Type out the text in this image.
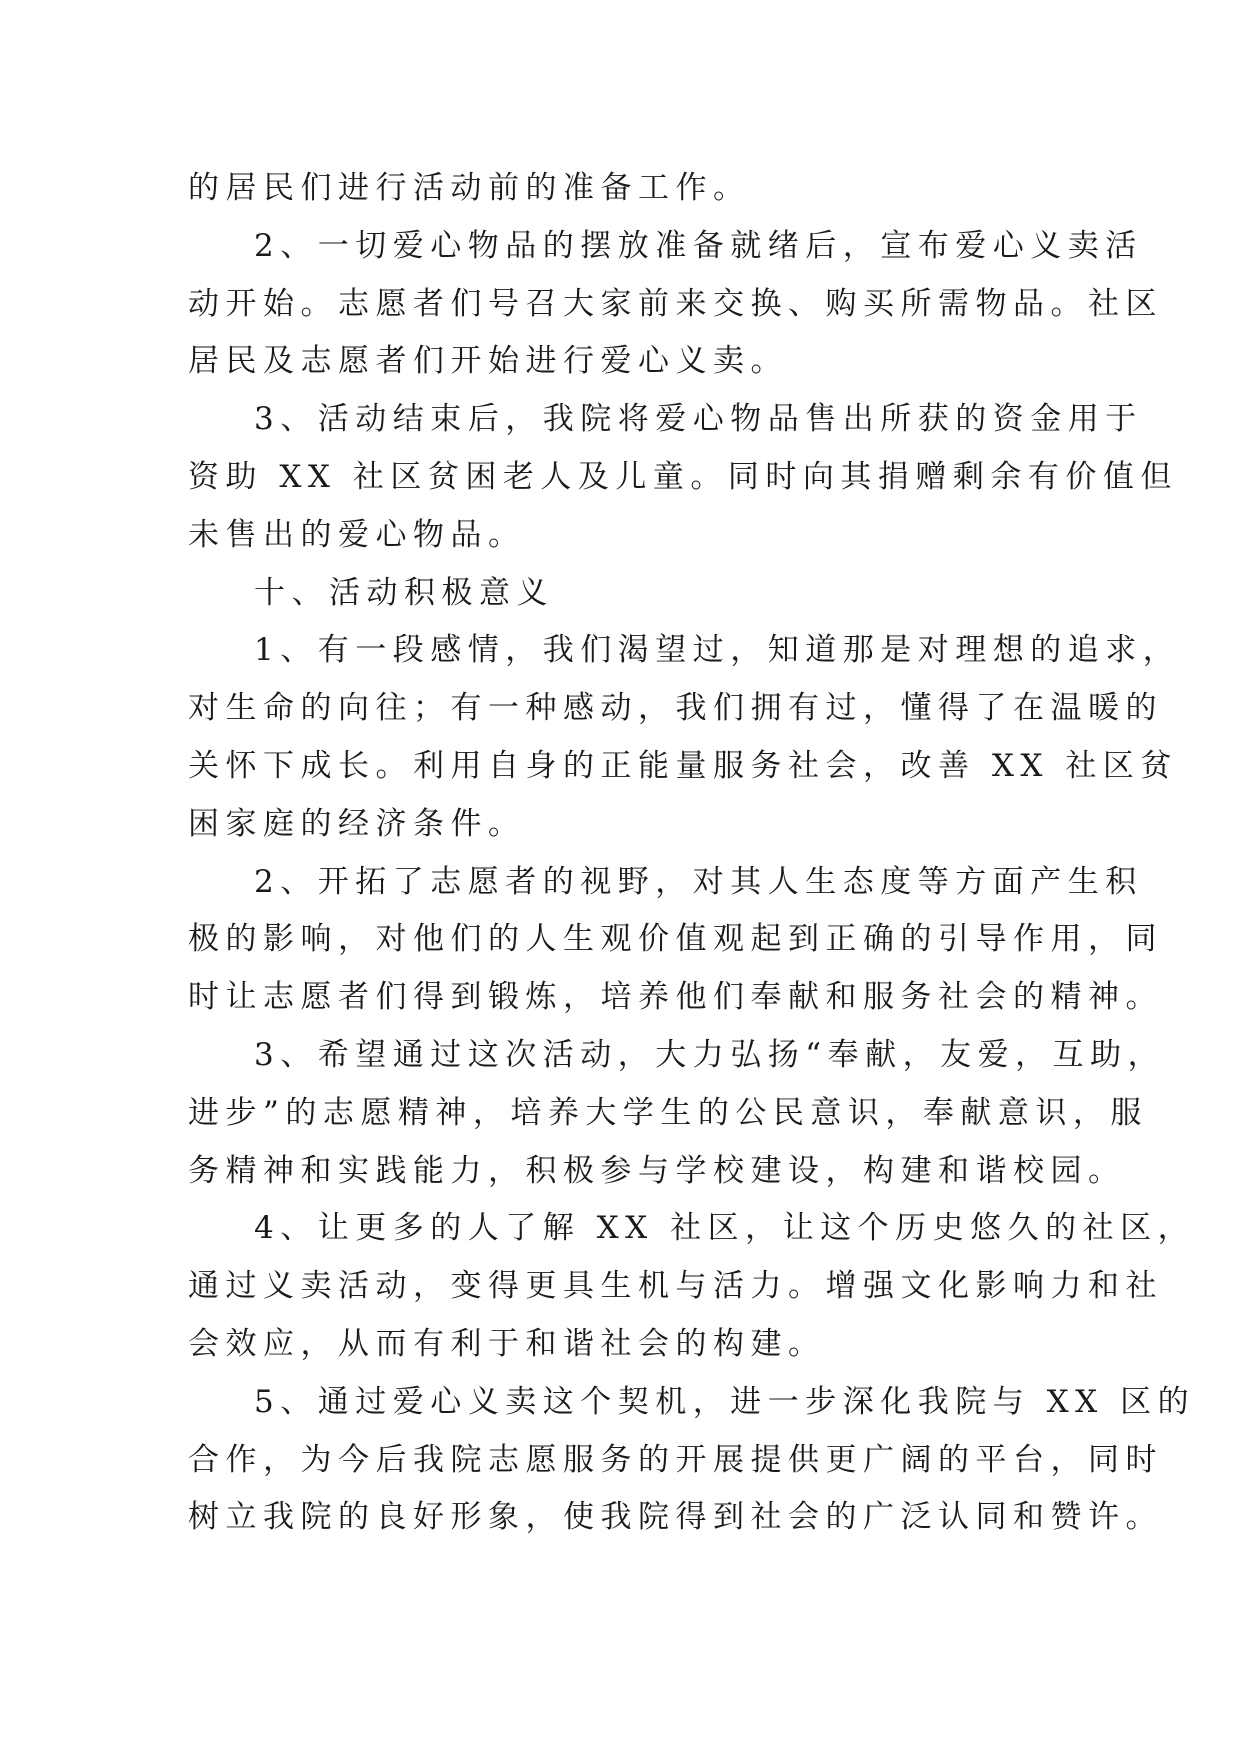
的居民们进行活动前的准备工作。
2、一切爱心物品的摆放准备就绪后，宣布爱心义卖活
动开始。志愿者们号召大家前来交换、购买所需物品。社区
居民及志愿者们开始进行爱心义卖。
3、活动结束后，我院将爱心物品售出所获的资金用于
资助 XX 社区贫困老人及儿童。同时向其捐赠剩余有价值但
未售出的爱心物品。
十、活动积极意义
1、有一段感情，我们渴望过，知道那是对理想的追求，
对生命的向往；有一种感动，我们拥有过，懂得了在温暖的
关怀下成长。利用自身的正能量服务社会，改善 XX 社区贫
困家庭的经济条件。
2、开拓了志愿者的视野，对其人生态度等方面产生积
极的影响，对他们的人生观价值观起到正确的引导作用，同
时让志愿者们得到锻炼，培养他们奉献和服务社会的精神。
3、希望通过这次活动，大力弘扬“奉献，友爱，互助，
进步”的志愿精神，培养大学生的公民意识，奉献意识，服
务精神和实践能力，积极参与学校建设，构建和谐校园。
4、让更多的人了解 XX 社区，让这个历史悠久的社区，
通过义卖活动，变得更具生机与活力。增强文化影响力和社
会效应，从而有利于和谐社会的构建。
5、通过爱心义卖这个契机，进一步深化我院与 XX 区的
合作，为今后我院志愿服务的开展提供更广阔的平台，同时
树立我院的良好形象，使我院得到社会的广泛认同和赞许。
